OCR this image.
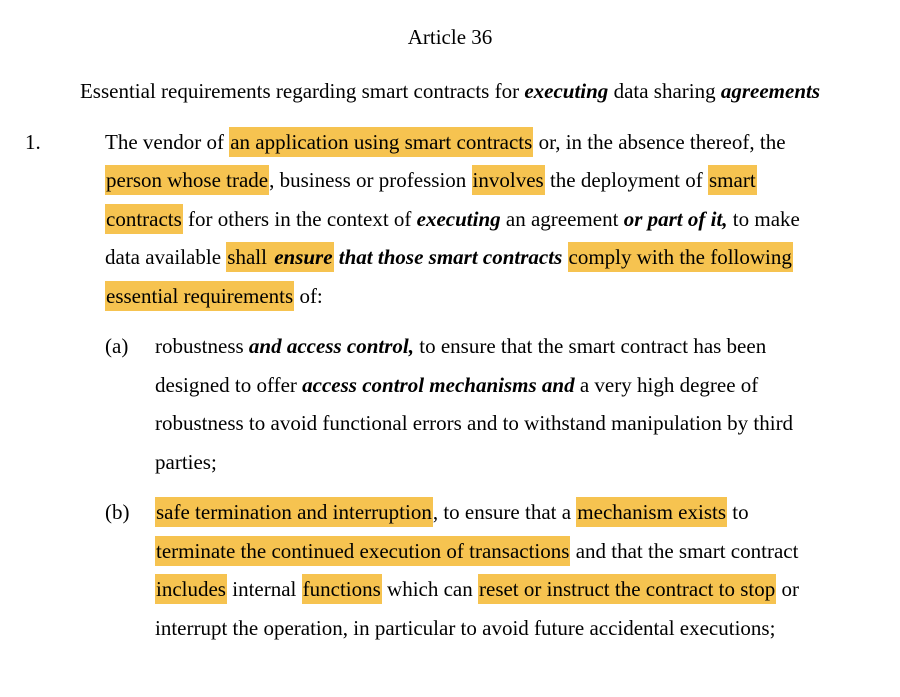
Article 36
Essential requirements regarding smart contracts for executing data sharing agreements
1.	The vendor of an application using smart contracts or, in the absence thereof, the
person whose trade, business or profession involves the deployment of smart
contracts for others in the context of executing an agreement or part of it, to make
data available shall ensure that those smart contracts comply with the following
essential requirements of:
(a) robustness and access control, to ensure that the smart contract has been
designed to offer access control mechanisms and a very high degree of
robustness to avoid functional errors and to withstand manipulation by third
parties;
(b) safe termination and interruption, to ensure that a mechanism exists to
terminate the continued execution of transactions and that the smart contract
includes internal functions which can reset or instruct the contract to stop or
interrupt the operation, in particular to avoid future accidental executions;
